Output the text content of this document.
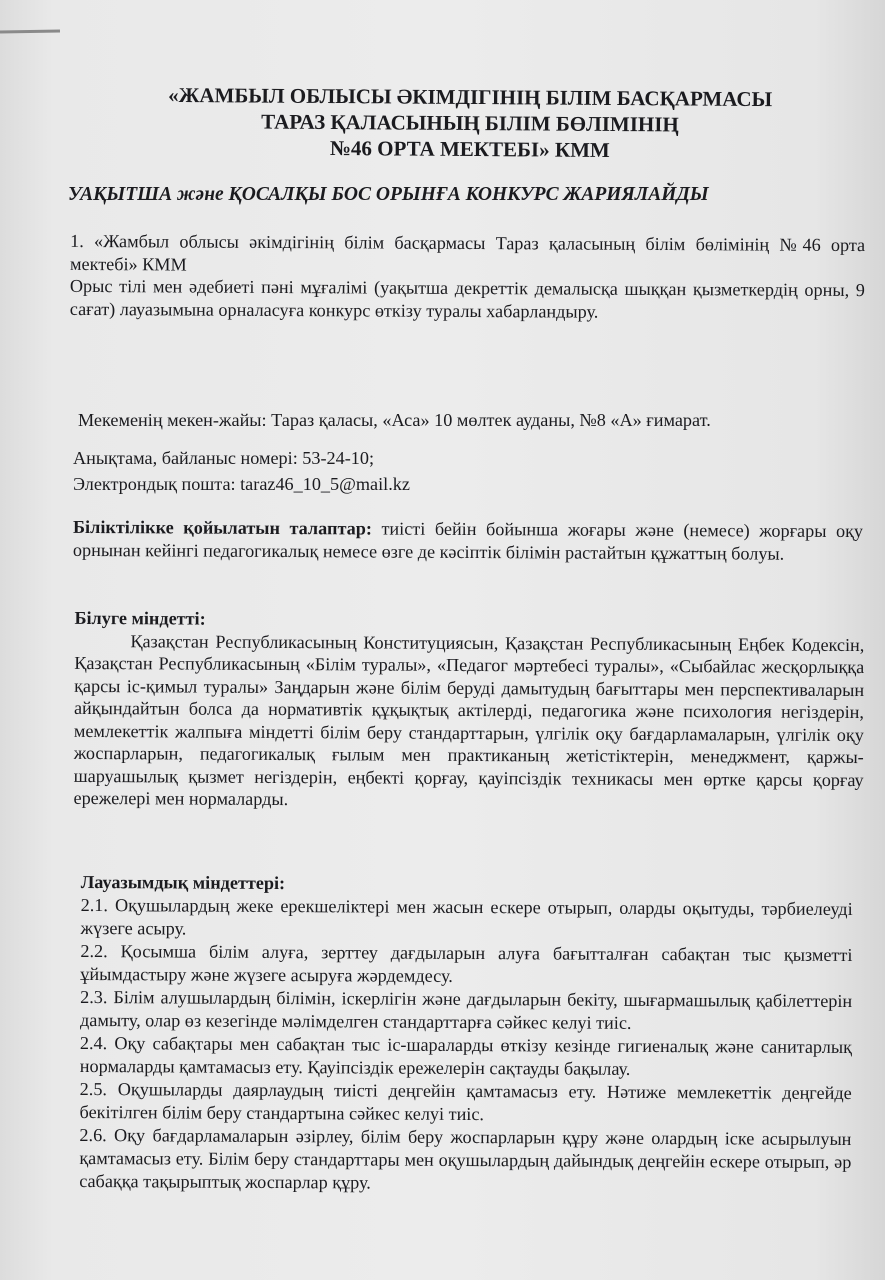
«ЖАМБЫЛ ОБЛЫСЫ ӘКІМДІГІНІҢ БІЛІМ БАСҚАРМАСЫ
ТАРАЗ ҚАЛАСЫНЫҢ БІЛІМ БӨЛІМІНІҢ
№46 ОРТА МЕКТЕБІ» КММ
УАҚЫТША және ҚОСАЛҚЫ БОС ОРЫНҒА КОНКУРС ЖАРИЯЛАЙДЫ

1. «Жамбыл облысы әкімдігінің білім басқармасы Тараз қаласының білім бөлімінің №46 орта мектебі» КММ

Орыс тілі мен әдебиеті пәні мұғалімі (уақытша декреттік демалысқа шыққан қызметкердің орны, 9 сағат) лауазымына орналасуға конкурс өткізу туралы хабарландыру.

Мекеменің мекен-жайы: Тараз қаласы, «Аса» 10 мөлтек ауданы, №8 «А» ғимарат.
Анықтама, байланыс номері: 53-24-10;
Электрондық пошта: taraz46_10_5@mail.kz
Біліктілікке қойылатын талаптар: тиісті бейін бойынша жоғары және (немесе) жорғары оқу орнынан кейінгі педагогикалық немесе өзге де кәсіптік білімін растайтын құжаттың болуы.

Білуге міндетті:

Қазақстан Республикасының Конституциясын, Қазақстан Республикасының Еңбек Кодексін, Қазақстан Республикасының «Білім туралы», «Педагог мәртебесі туралы», «Сыбайлас жесқорлыққа қарсы іс-қимыл туралы» Заңдарын және білім беруді дамытудың бағыттары мен перспективаларын айқындайтын болса да нормативтік құқықтық актілерді, педагогика және психология негіздерін, мемлекеттік жалпыға міндетті білім беру стандарттарын, үлгілік оқу бағдарламаларын, үлгілік оқу жоспарларын, педагогикалық ғылым мен практиканың жетістіктерін, менеджмент, қаржы-шаруашылық қызмет негіздерін, еңбекті қорғау, қауіпсіздік техникасы мен өртке қарсы қорғау ережелері мен нормаларды.

Лауазымдық міндеттері:

2.1. Оқушылардың жеке ерекшеліктері мен жасын ескере отырып, оларды оқытуды, тәрбиелеуді жүзеге асыру.

2.2. Қосымша білім алуға, зерттеу дағдыларын алуға бағытталған сабақтан тыс қызметті ұйымдастыру және жүзеге асыруға жәрдемдесу.

2.3. Білім алушылардың білімін, іскерлігін және дағдыларын бекіту, шығармашылық қабілеттерін дамыту, олар өз кезегінде мәлімделген стандарттарға сәйкес келуі тиіс.

2.4. Оқу сабақтары мен сабақтан тыс іс-шараларды өткізу кезінде гигиеналық және санитарлық нормаларды қамтамасыз ету. Қауіпсіздік ережелерін сақтауды бақылау.

2.5. Оқушыларды даярлаудың тиісті деңгейін қамтамасыз ету. Нәтиже мемлекеттік деңгейде бекітілген білім беру стандартына сәйкес келуі тиіс.

2.6. Оқу бағдарламаларын әзірлеу, білім беру жоспарларын құру және олардың іске асырылуын қамтамасыз ету. Білім беру стандарттары мен оқушылардың дайындық деңгейін ескере отырып, әр сабаққа тақырыптық жоспарлар құру.
